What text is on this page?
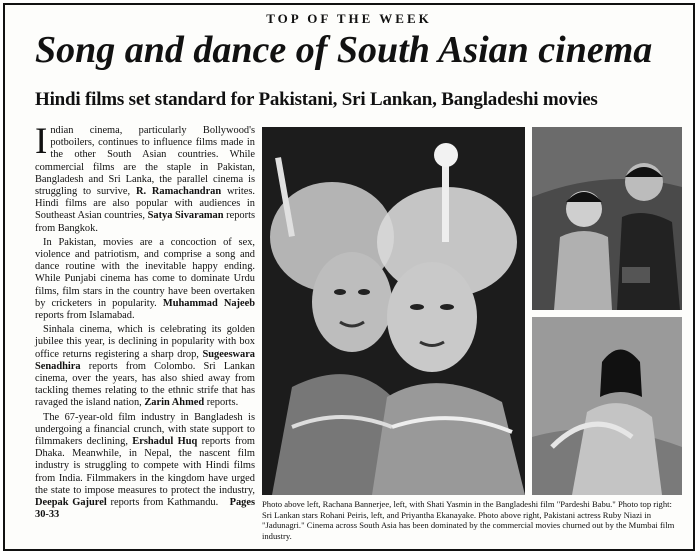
TOP OF THE WEEK
Song and dance of South Asian cinema
Hindi films set standard for Pakistani, Sri Lankan, Bangladeshi movies

Indian cinema, particularly Bollywood's potboilers, continues to influence films made in the other South Asian countries. While commercial films are the staple in Pakistan, Bangladesh and Sri Lanka, the parallel cinema is struggling to survive, R. Ramachandran writes. Hindi films are also popular with audiences in Southeast Asian countries, Satya Sivaraman reports from Bangkok.

In Pakistan, movies are a concoction of sex, violence and patriotism, and comprise a song and dance routine with the inevitable happy ending. While Punjabi cinema has come to dominate Urdu films, film stars in the country have been overtaken by cricketers in popularity. Muhammad Najeeb reports from Islamabad.

Sinhala cinema, which is celebrating its golden jubilee this year, is declining in popularity with box office returns registering a sharp drop, Sugeeswara Senadhira reports from Colombo. Sri Lankan cinema, over the years, has also shied away from tackling themes relating to the ethnic strife that has ravaged the island nation, Zarin Ahmed reports.

The 67-year-old film industry in Bangladesh is undergoing a financial crunch, with state support to filmmakers declining, Ershadul Huq reports from Dhaka. Meanwhile, in Nepal, the nascent film industry is struggling to compete with Hindi films from India. Filmmakers in the kingdom have urged the state to impose measures to protect the industry, Deepak Gajurel reports from Kathmandu. Pages 30-33

Photo above left, Rachana Bannerjee, left, with Shati Yasmin in the Bangladeshi film "Pardeshi Babu." Photo top right: Sri Lankan stars Rohani Peiris, left, and Priyantha Ekanayake. Photo above right, Pakistani actress Ruby Niazi in "Jadunagri." Cinema across South Asia has been dominated by the commercial movies churned out by the Mumbai film industry.
